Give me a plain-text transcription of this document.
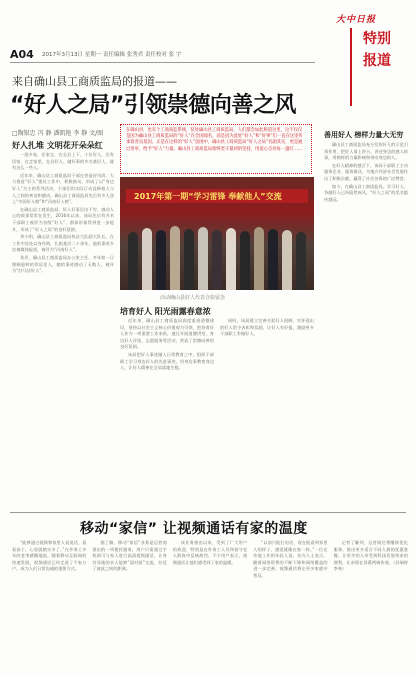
A04 2017年3月13日 星期一 责任编辑 张秀君 责任校对 张 宇
大中日报
特别
报道
来自确山县工商质监局的报道——
“好人之局”引领崇德向善之风
□陶银忠 冯 静 潘凯艳 李 静 文/图	在确山县，也有个工商质监系统，驻处确山县工商质监局，人们都会如此称道这里，这不仅仅是因为确山县工商质监局的“好人”在全国闻名，而是因为此处“好人”和“好事”们一直在这里传承着善良基因。正是在这样的“好人”氛围中，确山县工商质监局“好人之局”名副其实，更是通过善举，给予“好人”力量。确山县工商质监局始终坚守最初的坚持，用爱心点亮每一盏灯……

好人扎堆 文明花开朵朵红

一批多家，任家宝，在全县上下，十位好人，还有回家、在走家里，在县好人、做好事的多名基层人，就有这么一些人。

近年来，确山县工商质监局干部在营造好风尚、大力推进“好人”建设工作中，积极推动，形成了以“身边好人”为主的系列活动，干部们用实际行动诠释着人与人之间的善良和感动，确山县工商质监局先后有多人登上“中国好人榜”和“河南好人榜”。

在确山县工商质监局，好人好事层出不穷，感动人心的故事常常在发生，2016年以来，该局先后有多名干部职工被评为各级“好人”，群体形象得到进一步提升，形成了“好人之局”的良好氛围。

李小明，确山县工商质监局执法大队副大队长，在工作中处处以身作则，扎根基层二十余年，他的事迹多次被媒体报道，被评为“河南好人”。

张芳，确山县工商质监局办公室主任，多年如一日照顾患病的邻居老人，她的事迹感动了无数人，被评为“驻马店好人”。

2017年第一期“学习雷锋 奉献他人”交流
活动确山县好人代表合影留念
培育好人 阳光雨露春意浓

近年来，确山县工商质监局高度重视道德建设，坚持以社会主义核心价值观为引领，把培育好人作为一项重要工作来抓，通过开展道德讲堂、身边好人评选、志愿服务等活动，营造了崇德向善的良好氛围。

该局把好人事迹融入日常教育之中，组织干部职工学习身边好人的先进事迹，用身边事教育身边人，让好人精神在全局落地生根。

同时，该局建立完善关爱好人机制，对评选出的好人给予表彰和奖励，让好人有好报，激励更多干部职工争做好人。

善用好人 榜样力量大无穷

确山县工商质监局充分发挥好人的示范引领作用，把好人请上讲台，讲述身边的感人故事，用榜样的力量影响和带动身边的人。

在好人精神的感召下，该局干部职工主动服务企业、服务群众，为地方经济社会发展作出了积极贡献，赢得了社会各界的广泛赞誉。

如今，在确山县工商质监局，学习好人、争做好人已经蔚然成风，“好人之局”的美名越传越远。

移动“家信” 让视频通话有家的温度

“能够通过视频和家里人说说话，看看孩子，心里就踏实多了。”在外务工多年的老李感慨地说。随着移动互联网的快速发展，视频通话已经走进了千家万户，成为人们日常沟通的重要方式。

据了解，移动“家信”业务是运营商推出的一项便民服务，用户只需通过手机即可与家人进行高清视频通话，让身处异地的亲人能够“面对面”交流，拉近了彼此之间的距离。

该业务推出以来，受到了广大用户的欢迎，特别是在外务工人员和留守老人群体中反响热烈。不少用户表示，视频通话让他们感受到了家的温暖。

“以前只能打电话，现在能看到家里人的样子，感觉就像在家一样。”一位在外地工作的年轻人说。业内人士表示，随着网络资费的不断下降和网络覆盖的进一步完善，视频通话将在更多家庭中普及。

记者了解到，运营商还将继续优化服务，推出更多适合不同人群的优惠套餐，让更多的人享受到科技发展带来的便利，让亲情在屏幕两端传递。（苏瑞婷 李尧）
